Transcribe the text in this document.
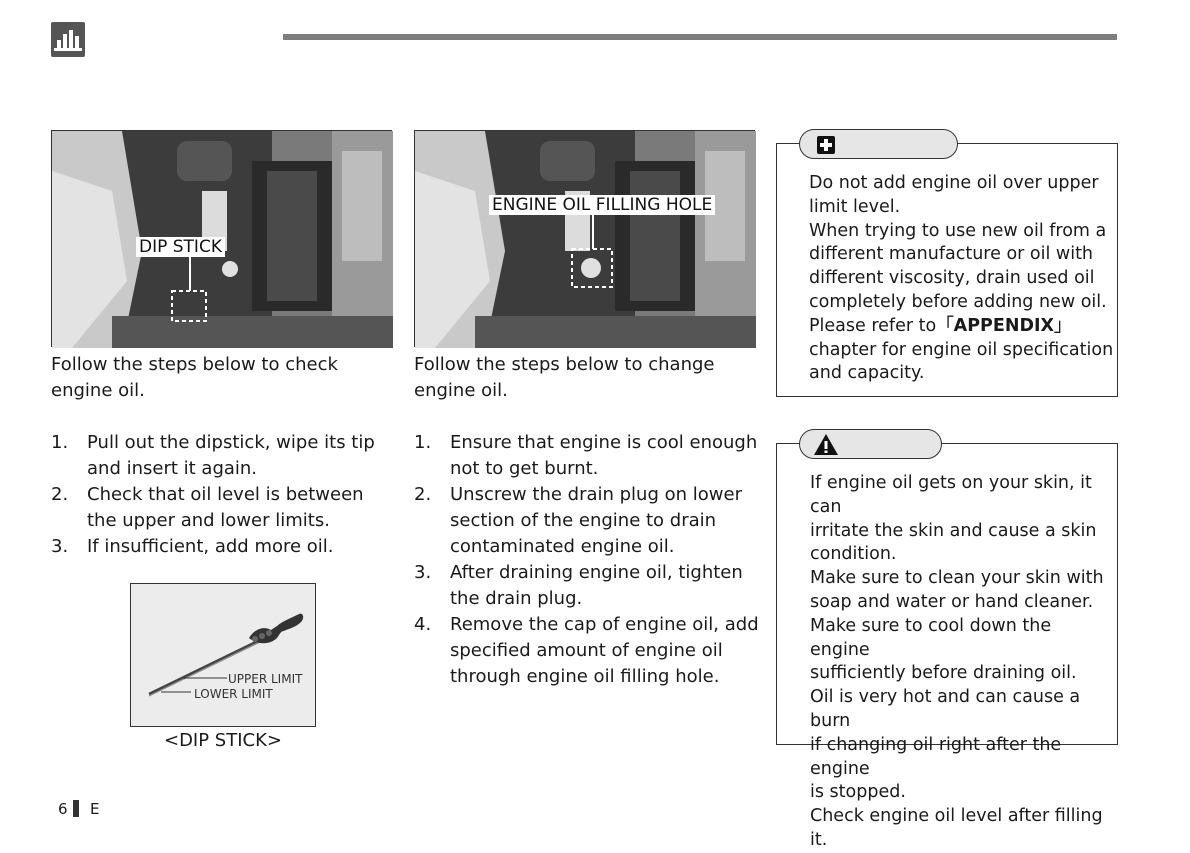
DIP STICK
ENGINE OIL FILLING HOLE
Follow the steps below to check engine oil.
1. Pull out the dipstick, wipe its tip and insert it again.
2. Check that oil level is between the upper and lower limits.
3. If insufficient, add more oil.
UPPER LIMIT
LOWER LIMIT
<DIP STICK>
Follow the steps below to change engine oil.
1. Ensure that engine is cool enough not to get burnt.
2. Unscrew the drain plug on lower section of the engine to drain contaminated engine oil.
3. After draining engine oil, tighten the drain plug.
4. Remove the cap of engine oil, add specified amount of engine oil through engine oil filling hole.
Do not add engine oil over upper
limit level.
When trying to use new oil from a
different manufacture or oil with
different viscosity, drain used oil
completely before adding new oil.
Please refer to「APPENDIX」
chapter for engine oil specification
and capacity.
If engine oil gets on your skin, it can
irritate the skin and cause a skin
condition.
Make sure to clean your skin with
soap and water or hand cleaner.
Make sure to cool down the engine
sufficiently before draining oil.
Oil is very hot and can cause a burn
if changing oil right after the engine
is stopped.
Check engine oil level after filling it.
6 E
